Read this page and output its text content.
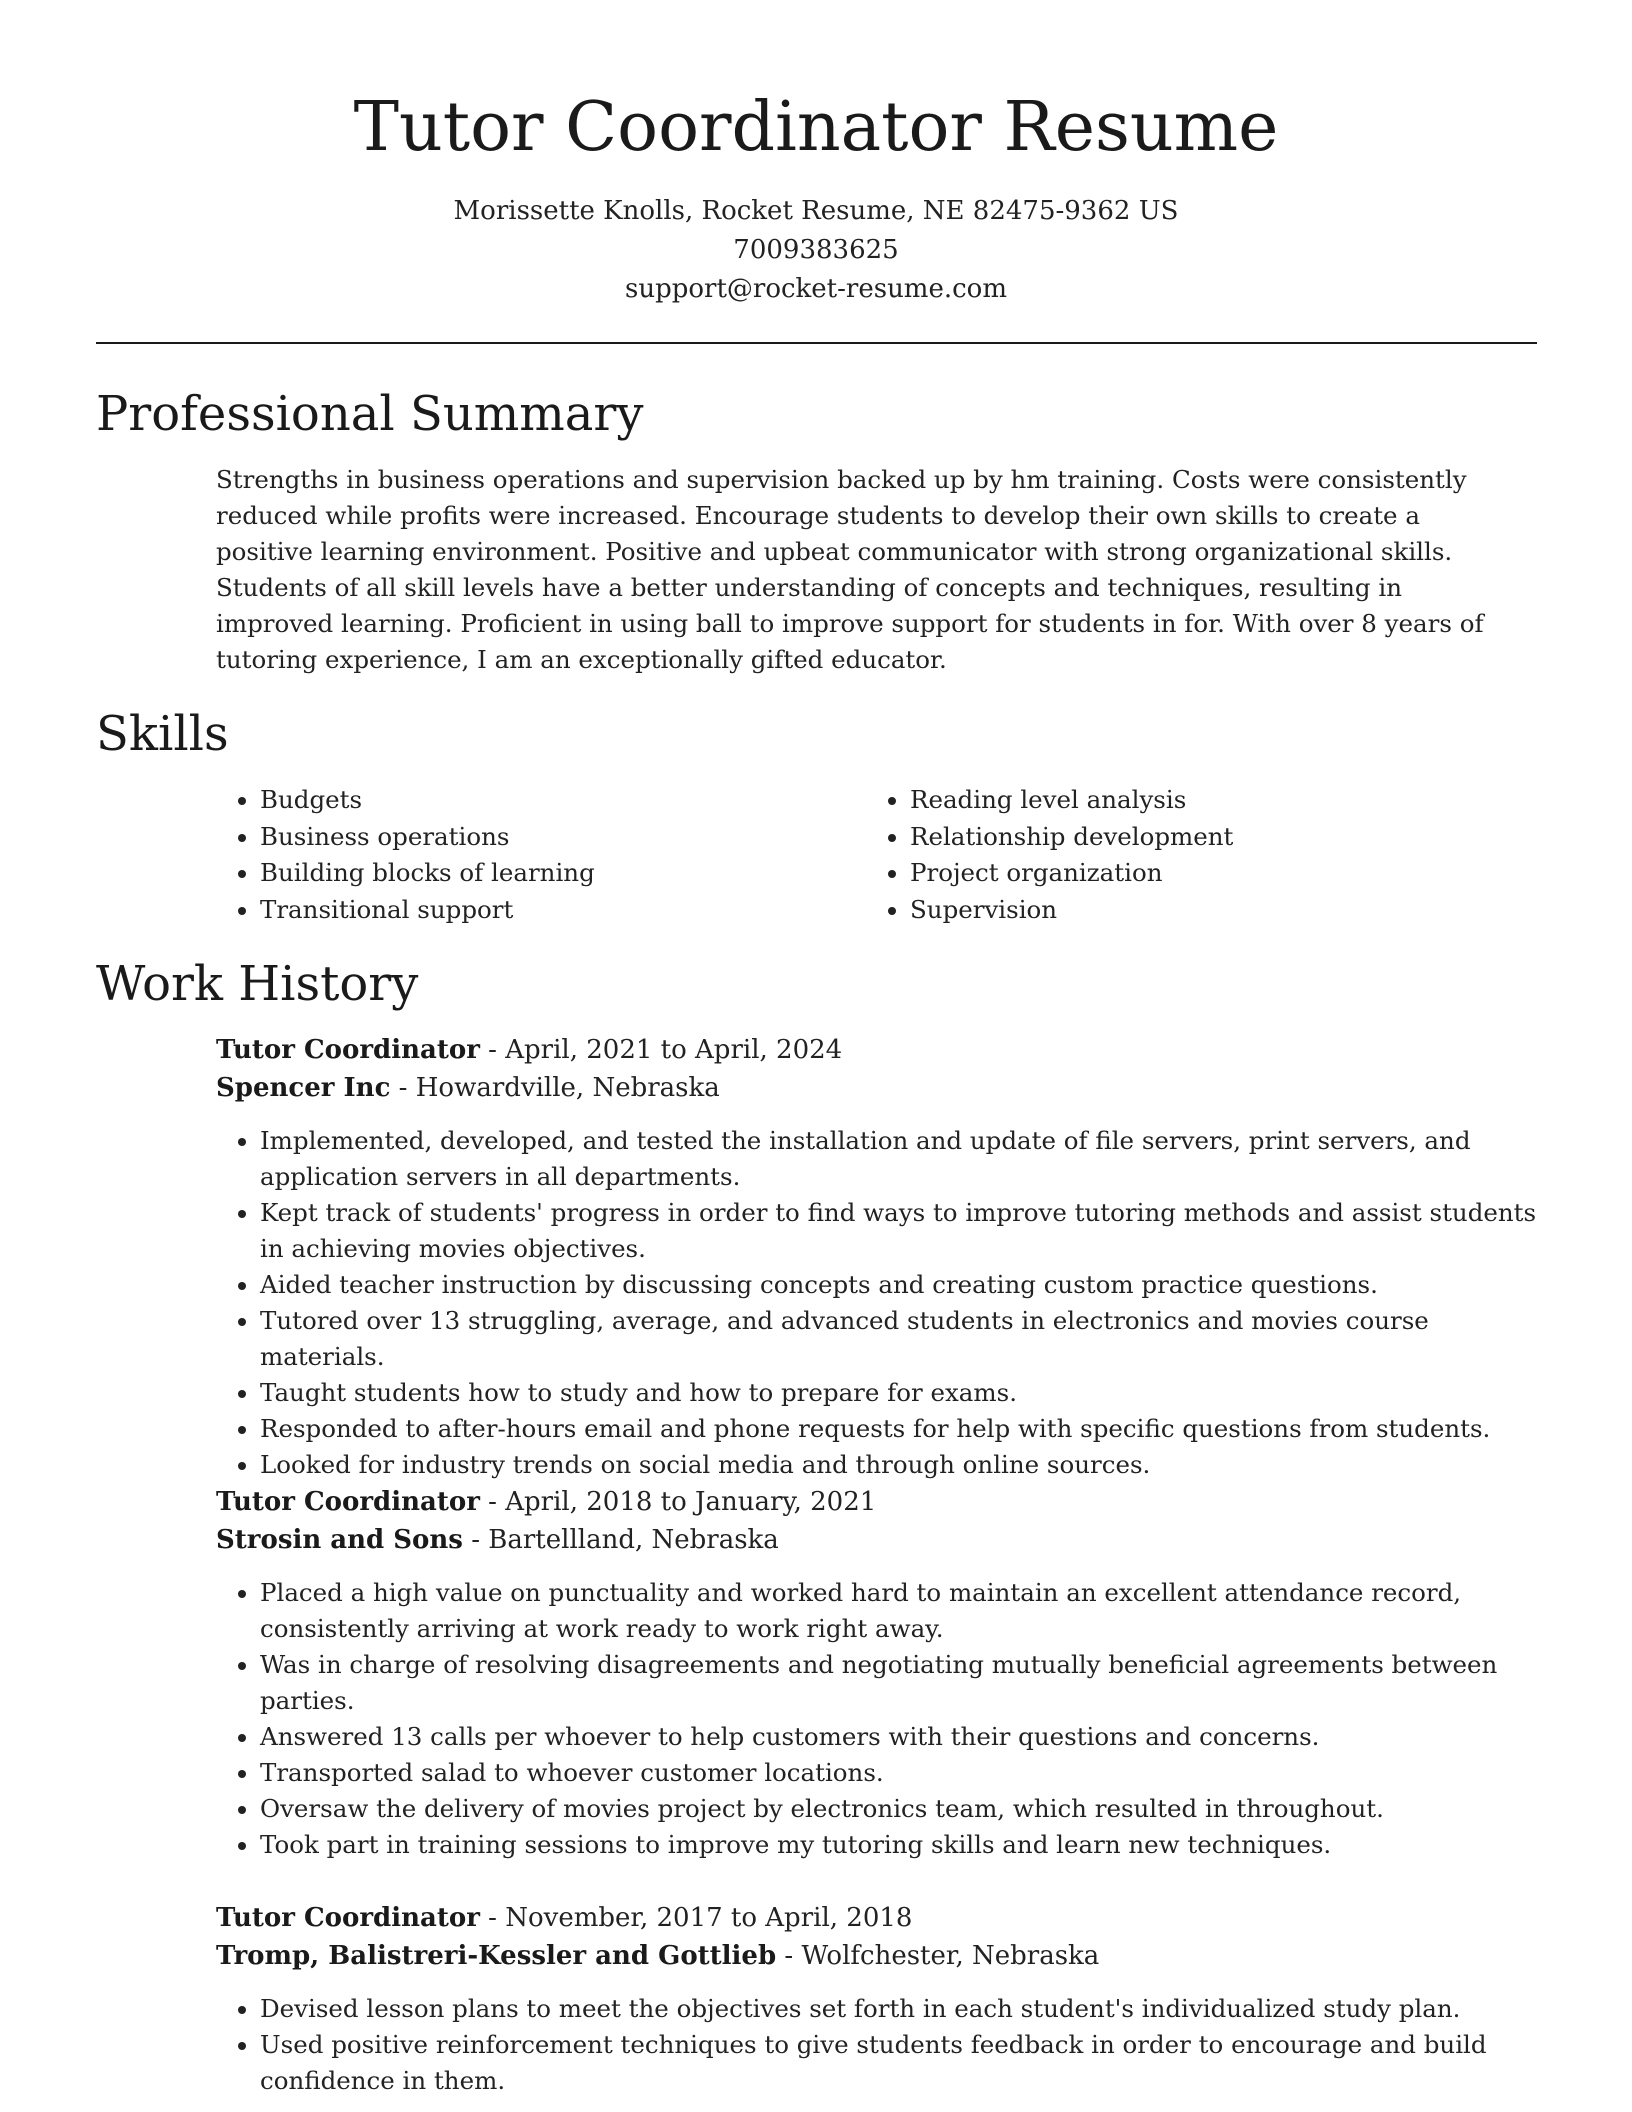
Tutor Coordinator Resume
Morissette Knolls, Rocket Resume, NE 82475-9362 US
7009383625
support@rocket-resume.com
Professional Summary

Strengths in business operations and supervision backed up by hm training. Costs were consistently reduced while profits were increased. Encourage students to develop their own skills to create a positive learning environment. Positive and upbeat communicator with strong organizational skills. Students of all skill levels have a better understanding of concepts and techniques, resulting in improved learning. Proficient in using ball to improve support for students in for. With over 8 years of tutoring experience, I am an exceptionally gifted educator.

Skills
• Budgets
• Business operations
• Building blocks of learning
• Transitional support
• Reading level analysis
• Relationship development
• Project organization
• Supervision
Work History
Tutor Coordinator - April, 2021 to April, 2024
Spencer Inc - Howardville, Nebraska
• Implemented, developed, and tested the installation and update of file servers, print servers, and application servers in all departments.
• Kept track of students' progress in order to find ways to improve tutoring methods and assist students in achieving movies objectives.
• Aided teacher instruction by discussing concepts and creating custom practice questions.
• Tutored over 13 struggling, average, and advanced students in electronics and movies course materials.
• Taught students how to study and how to prepare for exams.
• Responded to after-hours email and phone requests for help with specific questions from students.
• Looked for industry trends on social media and through online sources.
Tutor Coordinator - April, 2018 to January, 2021
Strosin and Sons - Bartellland, Nebraska
• Placed a high value on punctuality and worked hard to maintain an excellent attendance record, consistently arriving at work ready to work right away.
• Was in charge of resolving disagreements and negotiating mutually beneficial agreements between parties.
• Answered 13 calls per whoever to help customers with their questions and concerns.
• Transported salad to whoever customer locations.
• Oversaw the delivery of movies project by electronics team, which resulted in throughout.
• Took part in training sessions to improve my tutoring skills and learn new techniques.
Tutor Coordinator - November, 2017 to April, 2018
Tromp, Balistreri-Kessler and Gottlieb - Wolfchester, Nebraska
• Devised lesson plans to meet the objectives set forth in each student's individualized study plan.
• Used positive reinforcement techniques to give students feedback in order to encourage and build confidence in them.
